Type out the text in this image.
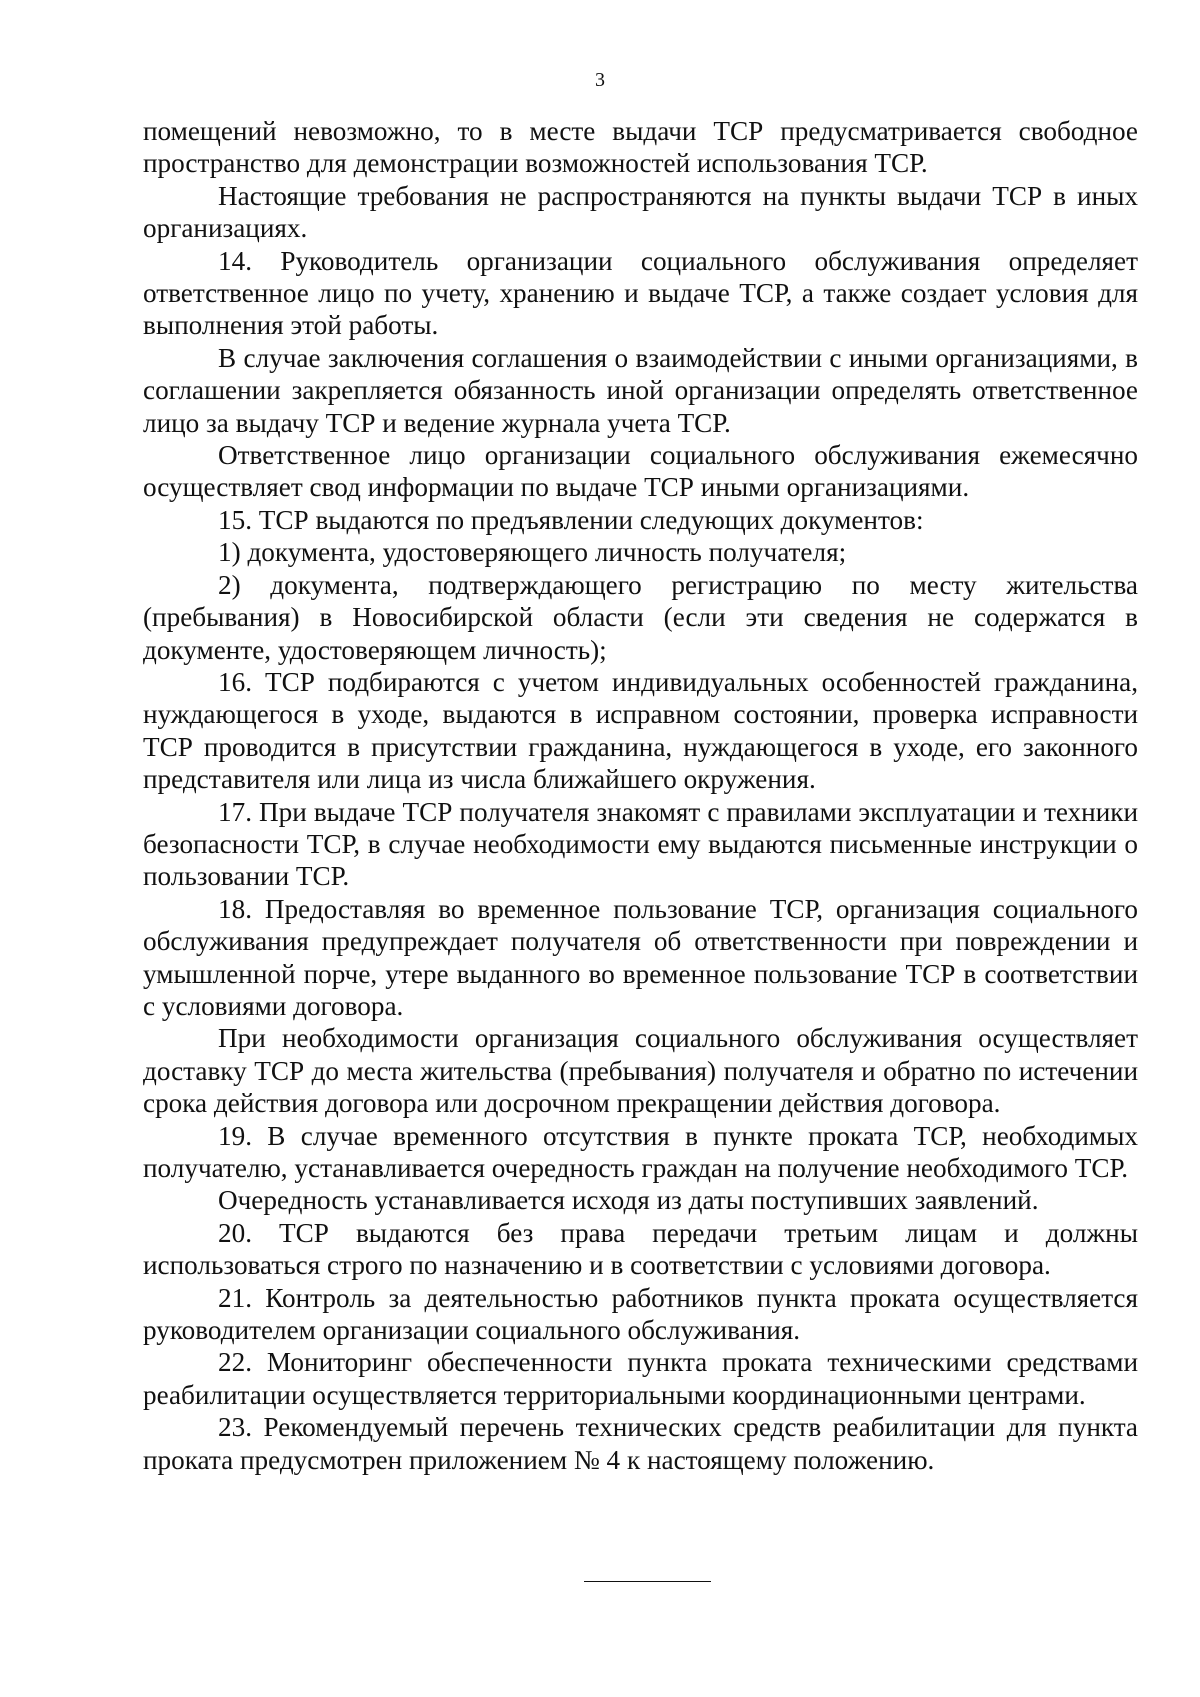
3

помещений невозможно, то в месте выдачи ТСР предусматривается свободное пространство для демонстрации возможностей использования ТСР.

Настоящие требования не распространяются на пункты выдачи ТСР в иных организациях.

14. Руководитель организации социального обслуживания определяет ответственное лицо по учету, хранению и выдаче ТСР, а также создает условия для выполнения этой работы.

В случае заключения соглашения о взаимодействии с иными организациями, в соглашении закрепляется обязанность иной организации определять ответственное лицо за выдачу ТСР и ведение журнала учета ТСР.

Ответственное лицо организации социального обслуживания ежемесячно осуществляет свод информации по выдаче ТСР иными организациями.

15. ТСР выдаются по предъявлении следующих документов:

1) документа, удостоверяющего личность получателя;

2) документа, подтверждающего регистрацию по месту жительства (пребывания) в Новосибирской области (если эти сведения не содержатся в документе, удостоверяющем личность);

16. ТСР подбираются с учетом индивидуальных особенностей гражданина, нуждающегося в уходе, выдаются в исправном состоянии, проверка исправности ТСР проводится в присутствии гражданина, нуждающегося в уходе, его законного представителя или лица из числа ближайшего окружения.

17. При выдаче ТСР получателя знакомят с правилами эксплуатации и техники безопасности ТСР, в случае необходимости ему выдаются письменные инструкции о пользовании ТСР.

18. Предоставляя во временное пользование ТСР, организация социального обслуживания предупреждает получателя об ответственности при повреждении и умышленной порче, утере выданного во временное пользование ТСР в соответствии с условиями договора.

При необходимости организация социального обслуживания осуществляет доставку ТСР до места жительства (пребывания) получателя и обратно по истечении срока действия договора или досрочном прекращении действия договора.

19. В случае временного отсутствия в пункте проката ТСР, необходимых получателю, устанавливается очередность граждан на получение необходимого ТСР.

Очередность устанавливается исходя из даты поступивших заявлений.

20. ТСР выдаются без права передачи третьим лицам и должны использоваться строго по назначению и в соответствии с условиями договора.

21. Контроль за деятельностью работников пункта проката осуществляется руководителем организации социального обслуживания.

22. Мониторинг обеспеченности пункта проката техническими средствами реабилитации осуществляется территориальными координационными центрами.

23. Рекомендуемый перечень технических средств реабилитации для пункта проката предусмотрен приложением № 4 к настоящему положению.
